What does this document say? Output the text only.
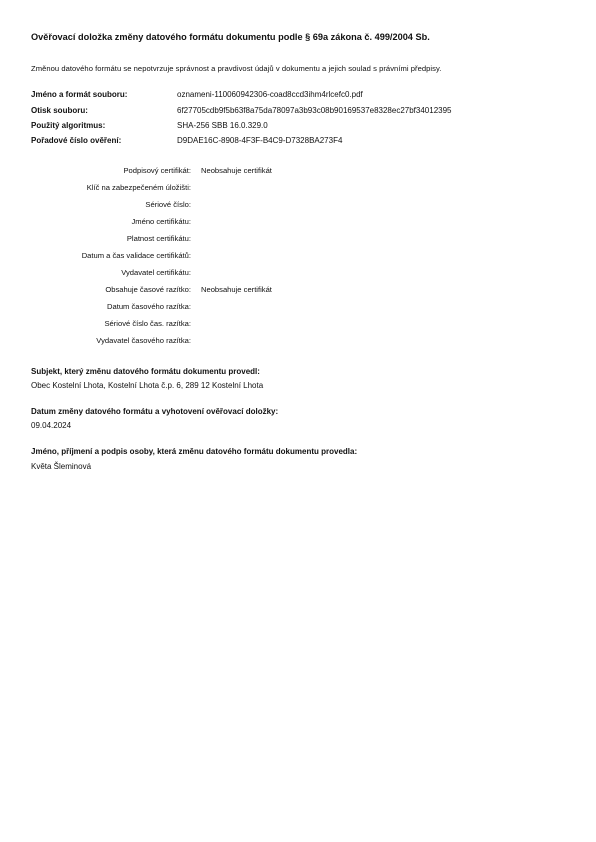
Ověřovací doložka změny datového formátu dokumentu podle § 69a zákona č. 499/2004 Sb.
Změnou datového formátu se nepotvrzuje správnost a pravdivost údajů v dokumentu a jejich soulad s právními předpisy.
Jméno a formát souboru:	oznameni-110060942306-coad8ccd3ihm4rlcefc0.pdf
Otisk souboru:	6f27705cdb9f5b63f8a75da78097a3b93c08b90169537e8328ec27bf34012395
Použitý algoritmus:	SHA-256 SBB 16.0.329.0
Pořadové číslo ověření:	D9DAE16C-8908-4F3F-B4C9-D7328BA273F4
Podpisový certifikát: Neobsahuje certifikát
Klíč na zabezpečeném úložišti:
Sériové číslo:
Jméno certifikátu:
Platnost certifikátu:
Datum a čas validace certifikátů:
Vydavatel certifikátu:
Obsahuje časové razítko: Neobsahuje certifikát
Datum časového razítka:
Sériové číslo čas. razítka:
Vydavatel časového razítka:
Subjekt, který změnu datového formátu dokumentu provedl:
Obec Kostelní Lhota, Kostelní Lhota č.p. 6, 289 12 Kostelní Lhota
Datum změny datového formátu a vyhotovení ověřovací doložky:
09.04.2024
Jméno, příjmení a podpis osoby, která změnu datového formátu dokumentu provedla:
Květa Šleminová
